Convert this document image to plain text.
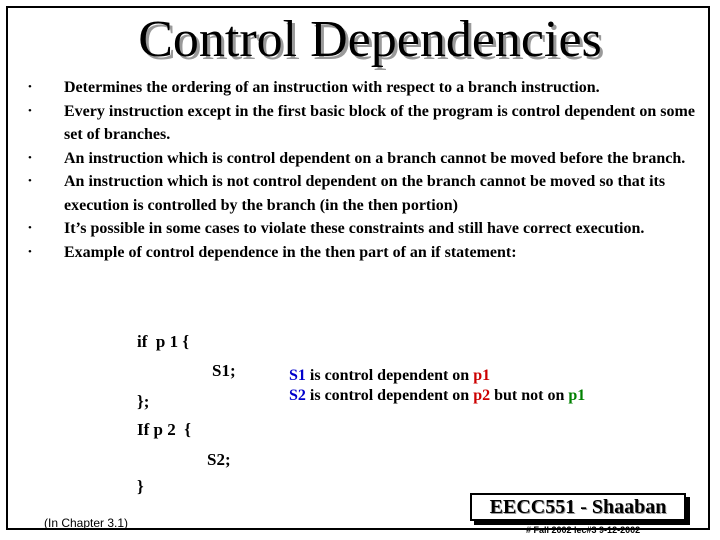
Control Dependencies
• Determines the ordering of an instruction with respect to a branch instruction.
• Every instruction except in the first basic block of the program is control dependent on some set of branches.
• An instruction which is control dependent on a branch cannot be moved before the branch.
• An instruction which is not control dependent on the branch cannot be moved so that its execution is controlled by the branch (in the then portion)
• It’s possible in some cases to violate these constraints and still have correct execution.
• Example of control dependence in the then part of an if statement:
if  p 1 {
S1;
};
If p 2  {
S2;
}
S1 is control dependent on p1
S2 is control dependent on p2 but not on p1
(In Chapter 3.1)
EECC551 - Shaaban
# Fall 2002 lec#3 9-12-2002
